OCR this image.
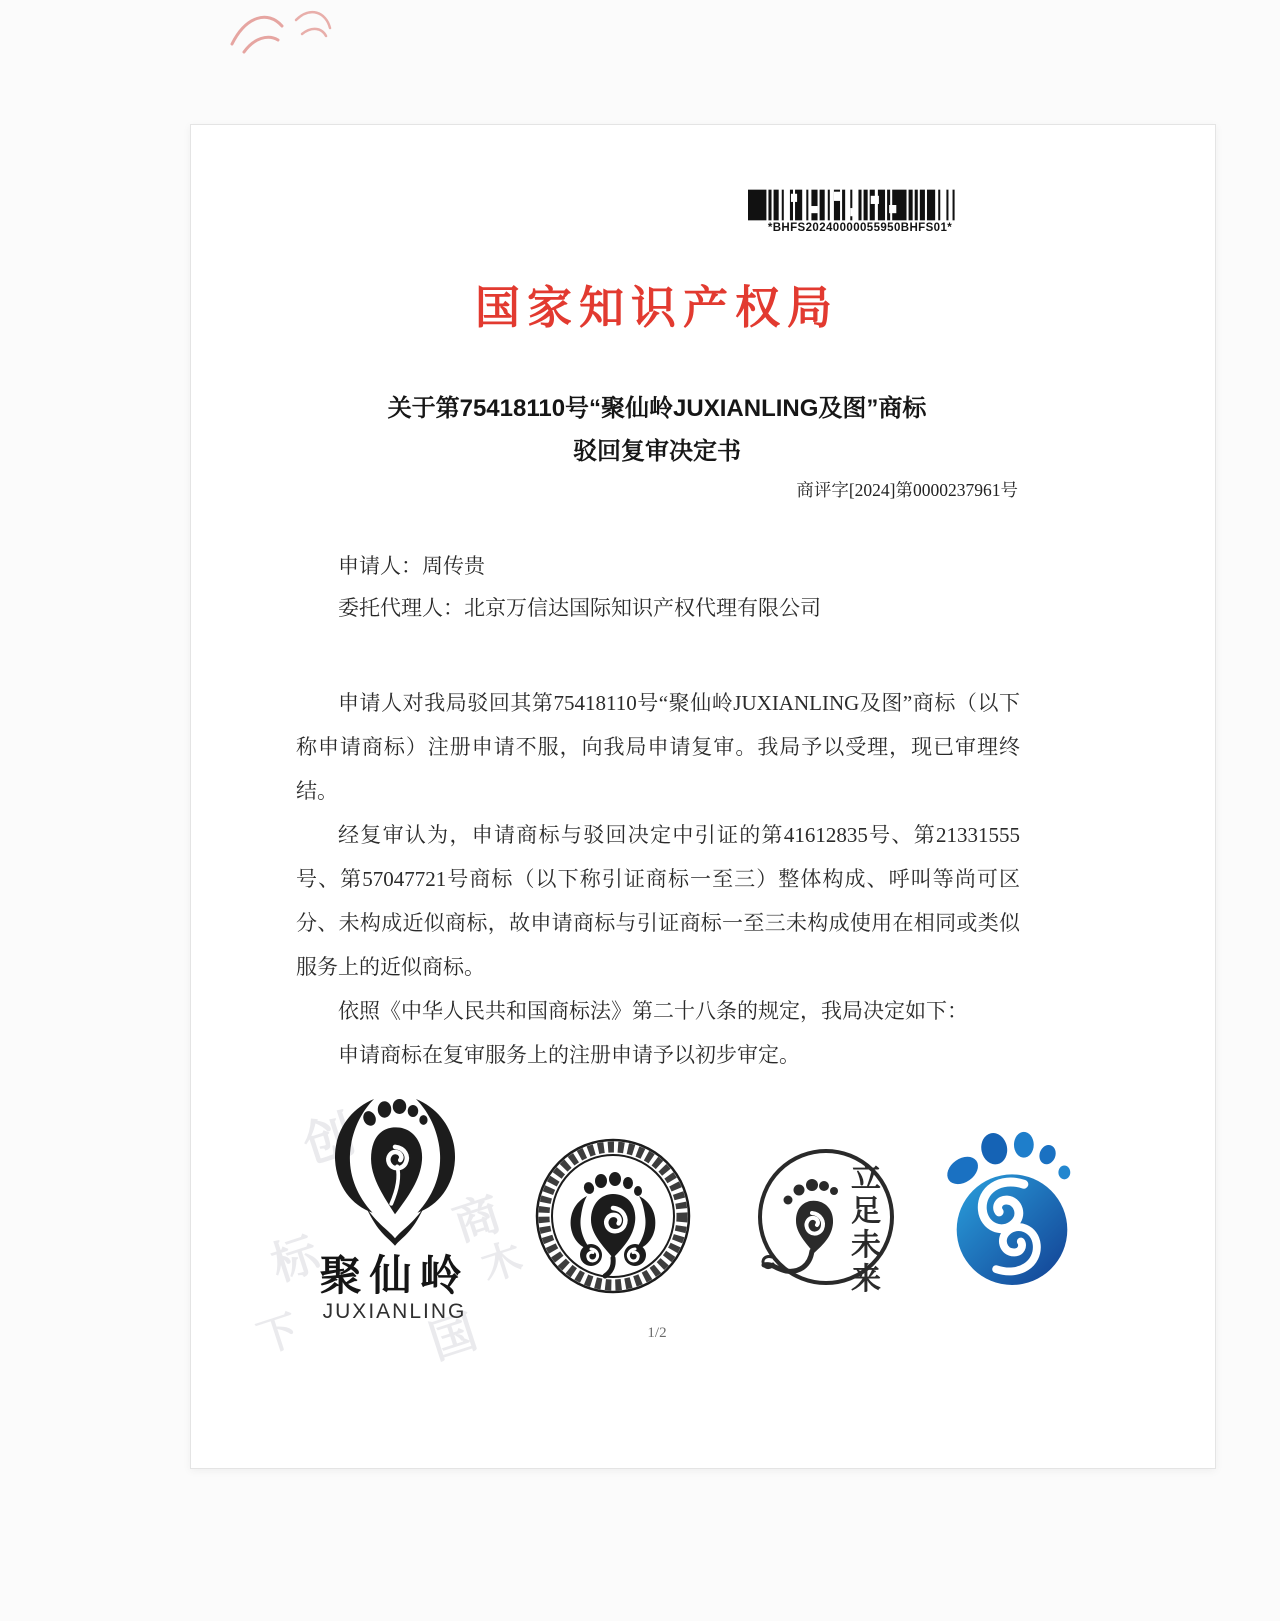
*BHFS20240000055950BHFS01*
国家知识产权局
关于第75418110号“聚仙岭JUXIANLING及图”商标
驳回复审决定书
商评字[2024]第0000237961号
申请人：周传贵
委托代理人：北京万信达国际知识产权代理有限公司

申请人对我局驳回其第75418110号“聚仙岭JUXIANLING及图”商标（以下称申请商标）注册申请不服，向我局申请复审。我局予以受理，现已审理终结。

经复审认为，申请商标与驳回决定中引证的第41612835号、第21331555号、第57047721号商标（以下称引证商标一至三）整体构成、呼叫等尚可区分、未构成近似商标，故申请商标与引证商标一至三未构成使用在相同或类似服务上的近似商标。

依照《中华人民共和国商标法》第二十八条的规定，我局决定如下：

申请商标在复审服务上的注册申请予以初步审定。

创
标
商
木
下	国
聚仙岭
JUXIANLING
立
足
未
来
1/2
